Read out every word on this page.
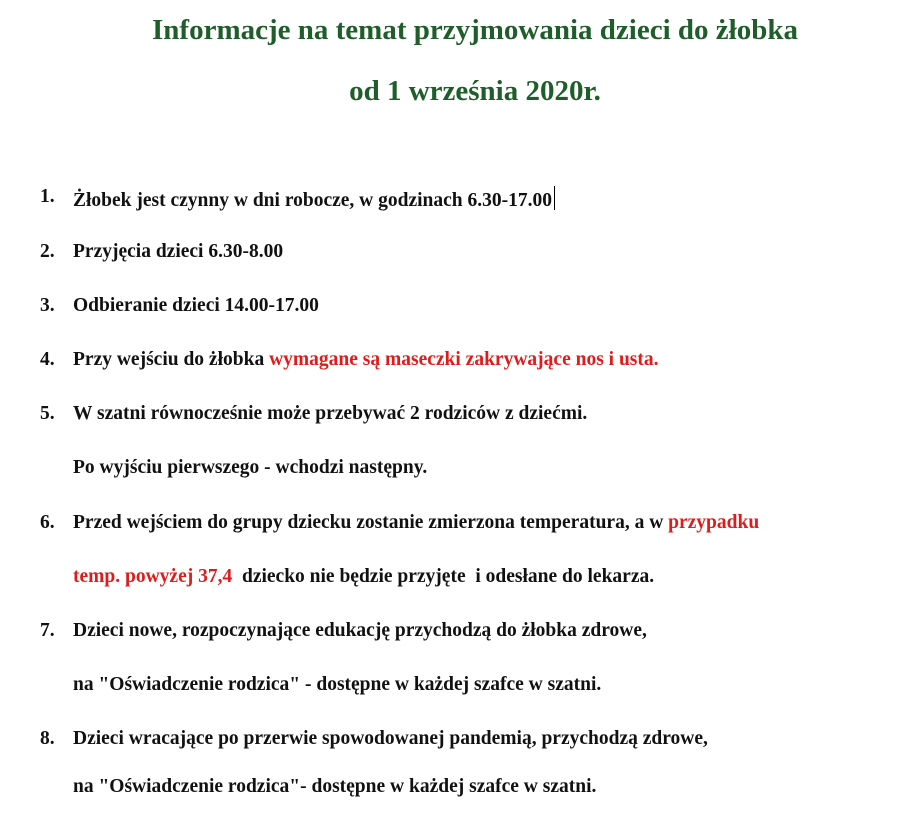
Informacje na temat przyjmowania dzieci do żłobka
od 1 września 2020r.
1. Żłobek jest czynny w dni robocze, w godzinach 6.30-17.00
2. Przyjęcia dzieci 6.30-8.00
3. Odbieranie dzieci 14.00-17.00
4. Przy wejściu do żłobka wymagane są maseczki zakrywające nos i usta.
5. W szatni równocześnie może przebywać 2 rodziców z dziećmi.
Po wyjściu pierwszego - wchodzi następny.
6. Przed wejściem do grupy dziecku zostanie zmierzona temperatura, a w przypadku
temp. powyżej 37,4  dziecko nie będzie przyjęte  i odesłane do lekarza.
7. Dzieci nowe, rozpoczynające edukację przychodzą do żłobka zdrowe,
na "Oświadczenie rodzica" - dostępne w każdej szafce w szatni.
8. Dzieci wracające po przerwie spowodowanej pandemią, przychodzą zdrowe,
na "Oświadczenie rodzica"- dostępne w każdej szafce w szatni.
